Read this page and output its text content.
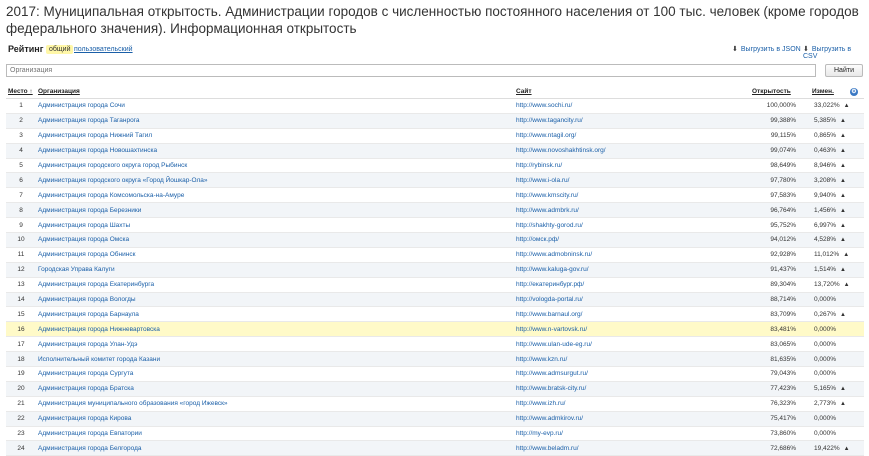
2017: Муниципальная открытость. Администрации городов с численностью постоянного населения от 100 тыс. человек (кроме городов федерального значения). Информационная открытость
Рейтинг общий пользовательский	⬇ Выгрузить в JSON ⬇ Выгрузить в CSV
Организация
Найти
Место ↑	Организация	Сайт	Открытость	Измен.	⚙
1	Администрация города Сочи	http://www.sochi.ru/	100,000%	33,022% ▲	
2	Администрация города Таганрога	http://www.tagancity.ru/	99,388%	5,385% ▲	
3	Администрация города Нижний Тагил	http://www.ntagil.org/	99,115%	0,865% ▲	
4	Администрация города Новошахтинска	http://www.novoshakhtinsk.org/	99,074%	0,463% ▲	
5	Администрация городского округа город Рыбинск	http://rybinsk.ru/	98,649%	8,946% ▲	
6	Администрация городского округа «Город Йошкар-Ола»	http://www.i-ola.ru/	97,780%	3,208% ▲	
7	Администрация города Комсомольска-на-Амуре	http://www.kmscity.ru/	97,583%	9,940% ▲	
8	Администрация города Березники	http://www.admbrk.ru/	96,764%	1,456% ▲	
9	Администрация города Шахты	http://shakhty-gorod.ru/	95,752%	6,997% ▲	
10	Администрация города Омска	http://омск.рф/	94,012%	4,528% ▲	
11	Администрация города Обнинск	http://www.admobninsk.ru/	92,928%	11,012% ▲	
12	Городская Управа Калуги	http://www.kaluga-gov.ru/	91,437%	1,514% ▲	
13	Администрация города Екатеринбурга	http://екатеринбург.рф/	89,304%	13,720% ▲	
14	Администрация города Вологды	http://vologda-portal.ru/	88,714%	0,000%	
15	Администрация города Барнаула	http://www.barnaul.org/	83,709%	0,267% ▲	
16	Администрация города Нижневартовска	http://www.n-vartovsk.ru/	83,481%	0,000%	
17	Администрация города Улан-Удэ	http://www.ulan-ude-eg.ru/	83,065%	0,000%	
18	Исполнительный комитет города Казани	http://www.kzn.ru/	81,635%	0,000%	
19	Администрация города Сургута	http://www.admsurgut.ru/	79,043%	0,000%	
20	Администрация города Братска	http://www.bratsk-city.ru/	77,423%	5,165% ▲	
21	Администрация муниципального образования «город Ижевск»	http://www.izh.ru/	76,323%	2,773% ▲	
22	Администрация города Кирова	http://www.admkirov.ru/	75,417%	0,000%	
23	Администрация города Евпатории	http://my-evp.ru/	73,860%	0,000%	
24	Администрация города Белгорода	http://www.beladm.ru/	72,686%	19,422% ▲	
